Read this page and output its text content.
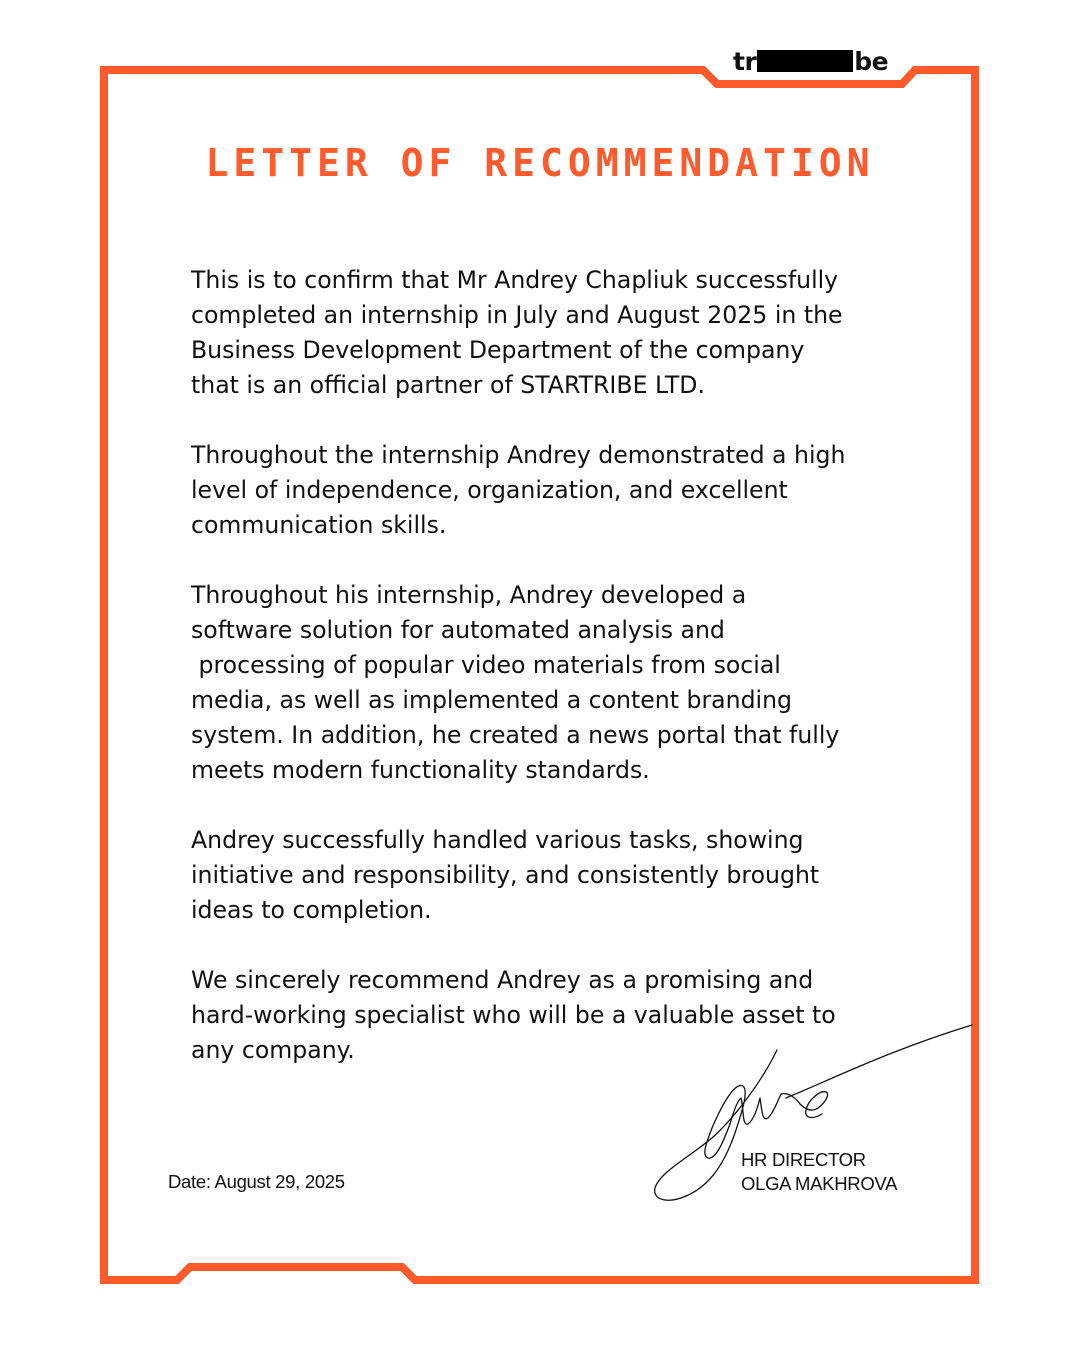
tr	be
LETTER OF RECOMMENDATION

This is to confirm that Mr Andrey Chapliuk successfully
completed an internship in July and August 2025 in the
Business Development Department of the company
that is an official partner of STARTRIBE LTD.

Throughout the internship Andrey demonstrated a high
level of independence, organization, and excellent
communication skills.

Throughout his internship, Andrey developed a
software solution for automated analysis and
processing of popular video materials from social
media, as well as implemented a content branding
system. In addition, he created a news portal that fully
meets modern functionality standards.

Andrey successfully handled various tasks, showing
initiative and responsibility, and consistently brought
ideas to completion.

We sincerely recommend Andrey as a promising and
hard-working specialist who will be a valuable asset to
any company.

Date: August 29, 2025
HR DIRECTOR
OLGA MAKHROVA
